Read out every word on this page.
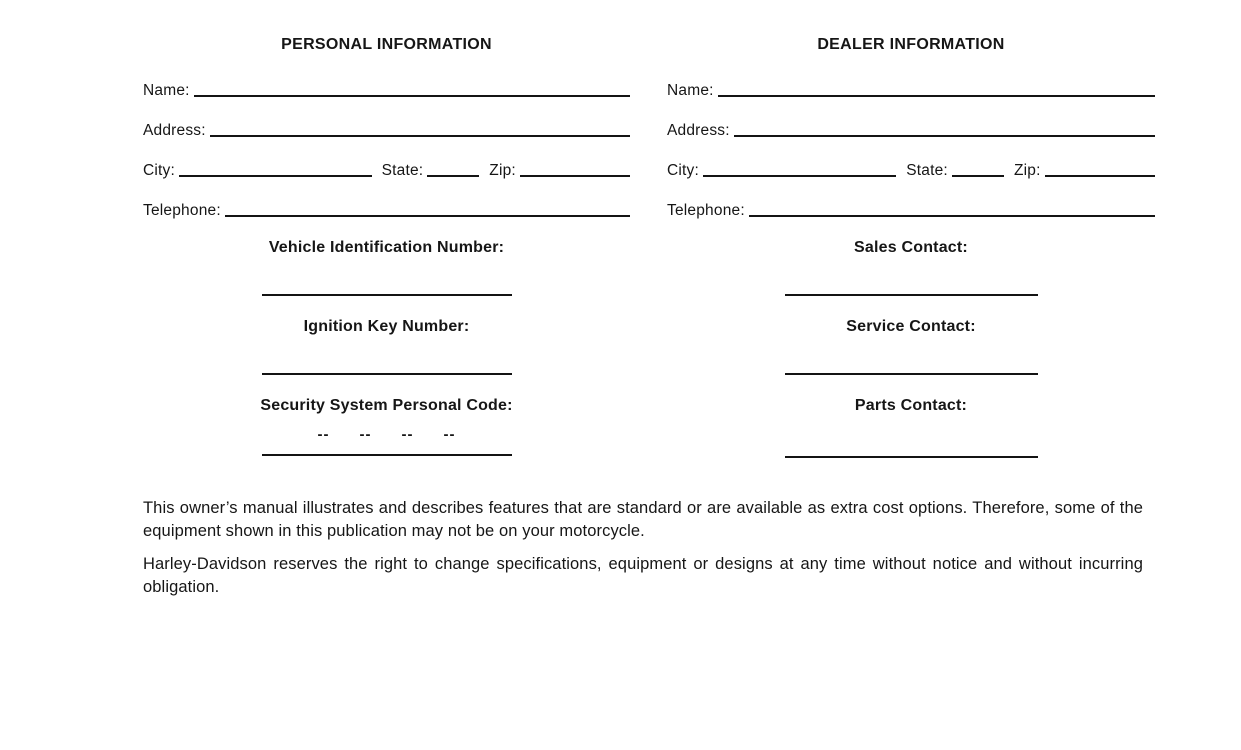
PERSONAL INFORMATION
Name:
Address:
City:	State:	Zip:
Telephone:
Vehicle Identification Number:
Ignition Key Number:
Security System Personal Code:
-- -- -- --
DEALER INFORMATION
Name:
Address:
City:	State:	Zip:
Telephone:
Sales Contact:
Service Contact:
Parts Contact:

This owner’s manual illustrates and describes features that are standard or are available as extra cost options. Therefore, some of the equipment shown in this publication may not be on your motorcycle.

Harley-Davidson reserves the right to change specifications, equipment or designs at any time without notice and without incurring obligation.
